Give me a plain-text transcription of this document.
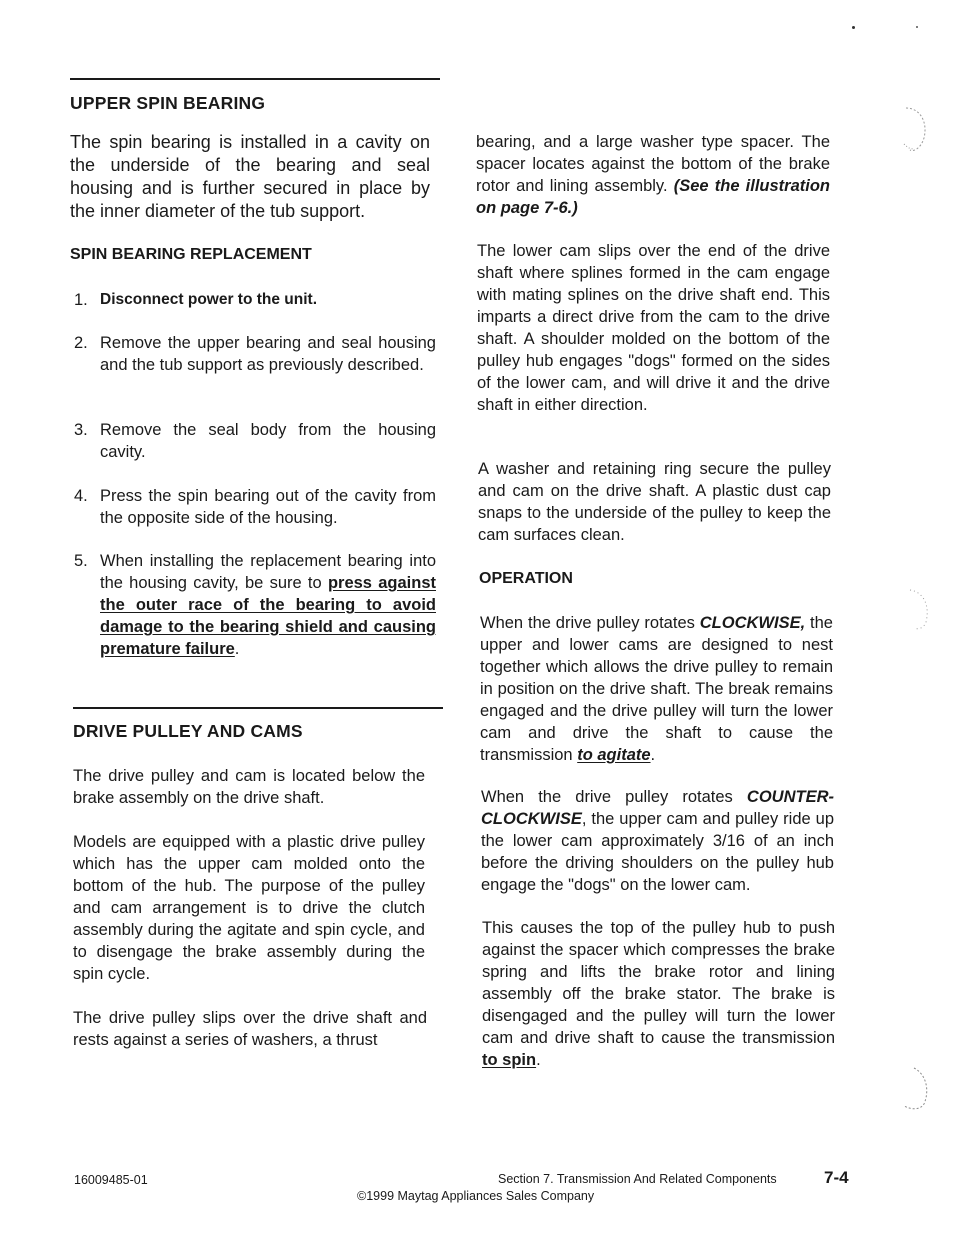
UPPER SPIN BEARING

The spin bearing is installed in a cavity on the underside of the bearing and seal housing and is further secured in place by the inner diameter of the tub support.

SPIN BEARING REPLACEMENT
1. Disconnect power to the unit.
2. Remove the upper bearing and seal housing and the tub support as previously described.
3. Remove the seal body from the housing cavity.
4. Press the spin bearing out of the cavity from the opposite side of the housing.
5. When installing the replacement bearing into the housing cavity, be sure to press against the outer race of the bearing to avoid damage to the bearing shield and causing premature failure.
DRIVE PULLEY AND CAMS

The drive pulley and cam is located below the brake assembly on the drive shaft.

Models are equipped with a plastic drive pulley which has the upper cam molded onto the bottom of the hub. The purpose of the pulley and cam arrangement is to drive the clutch assembly during the agitate and spin cycle, and to disengage the brake assembly during the spin cycle.

The drive pulley slips over the drive shaft and rests against a series of washers, a thrust

bearing, and a large washer type spacer. The spacer locates against the bottom of the brake rotor and lining assembly. (See the illustration on page 7-6.)

The lower cam slips over the end of the drive shaft where splines formed in the cam engage with mating splines on the drive shaft end. This imparts a direct drive from the cam to the drive shaft. A shoulder molded on the bottom of the pulley hub engages "dogs" formed on the sides of the lower cam, and will drive it and the drive shaft in either direction.

A washer and retaining ring secure the pulley and cam on the drive shaft. A plastic dust cap snaps to the underside of the pulley to keep the cam surfaces clean.

OPERATION

When the drive pulley rotates CLOCKWISE, the upper and lower cams are designed to nest together which allows the drive pulley to remain in position on the drive shaft. The break remains engaged and the drive pulley will turn the lower cam and drive the shaft to cause the transmission to agitate.

When the drive pulley rotates COUNTER-CLOCKWISE, the upper cam and pulley ride up the lower cam approximately 3/16 of an inch before the driving shoulders on the pulley hub engage the "dogs" on the lower cam.

This causes the top of the pulley hub to push against the spacer which compresses the brake spring and lifts the brake rotor and lining assembly off the brake stator. The brake is disengaged and the pulley will turn the lower cam and drive shaft to cause the transmission to spin.

16009485-01	Section 7. Transmission And Related Components	7-4
©1999 Maytag Appliances Sales Company
